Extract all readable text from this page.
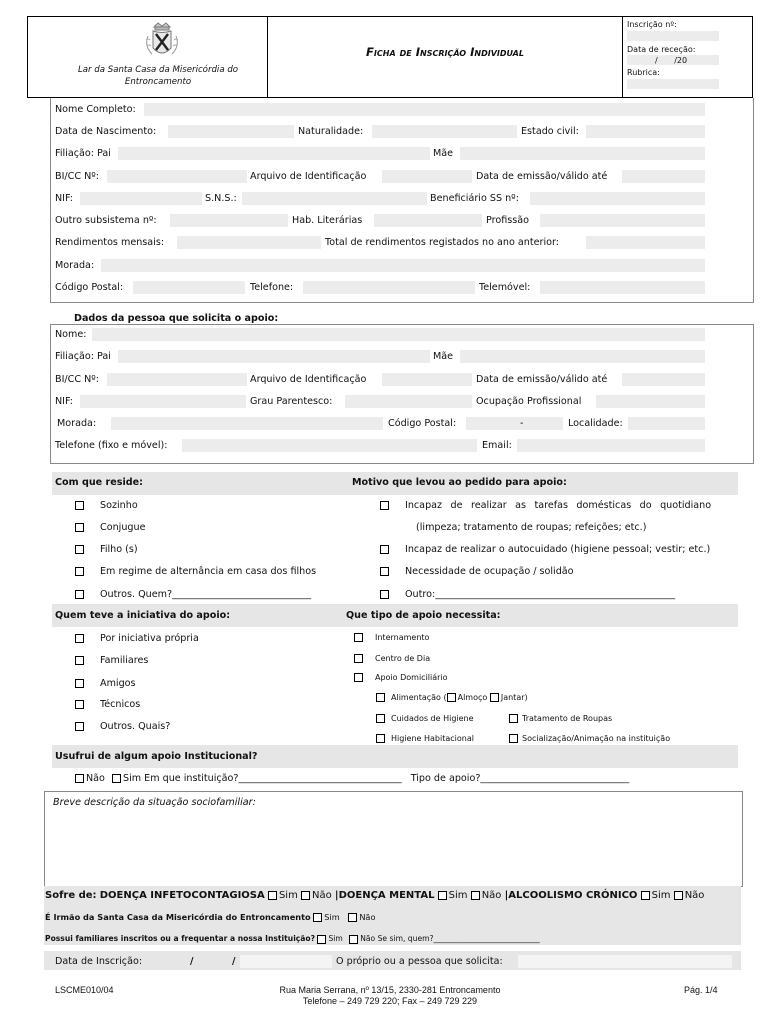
Lar da Santa Casa da Misericórdia do Entroncamento
Ficha de Inscrição Individual
Inscrição nº:
Data de receção:
/ /20
Rubrica:
Nome Completo:
Data de Nascimento:	Naturalidade:	Estado civil:
Filiação: Pai	Mãe
BI/CC Nº:	Arquivo de Identificação	Data de emissão/válido até
NIF:	S.N.S.:	Beneficiário SS nº:
Outro subsistema nº:	Hab. Literárias	Profissão
Rendimentos mensais:	Total de rendimentos registados no ano anterior:
Morada:
Código Postal:	Telefone:	Telemóvel:
Dados da pessoa que solicita o apoio:
Nome:
Filiação: Pai	Mãe
BI/CC Nº:	Arquivo de Identificação	Data de emissão/válido até
NIF:	Grau Parentesco:	Ocupação Profissional
Morada:	Código Postal:	-	Localidade:
Telefone (fixo e móvel):	Email:
Com que reside:	Motivo que levou ao pedido para apoio:
Sozinho
Conjugue
Filho (s)
Em regime de alternância em casa dos filhos
Outros. Quem?_____________________________
Incapaz de realizar as tarefas domésticas do quotidiano
(limpeza; tratamento de roupas; refeições; etc.)
Incapaz de realizar o autocuidado (higiene pessoal; vestir; etc.)
Necessidade de ocupação / solidão
Outro:__________________________________________________
Quem teve a iniciativa do apoio:	Que tipo de apoio necessita:
Por iniciativa própria
Familiares
Amigos
Técnicos
Outros. Quais?
Internamento
Centro de Dia
Apoio Domiciliário
Alimentação ( Almoço Jantar)
Cuidados de Higiene	Tratamento de Roupas
Higiene Habitacional	Socialização/Animação na instituição
Usufrui de algum apoio Institucional?
Não Sim Em que instituição?__________________________________ Tipo de apoio?_______________________________
Breve descrição da situação sociofamiliar:
Sofre de: DOENÇA INFETOCONTAGIOSA Sim Não |DOENÇA MENTAL Sim Não |ALCOOLISMO CRÓNICO Sim Não
É Irmão da Santa Casa da Misericórdia do Entroncamento Sim Não
Possui familiares inscritos ou a frequentar a nossa Instituição? Sim Não Se sim, quem?____________________________
Data de Inscrição:	/	/	O próprio ou a pessoa que solicita:
LSCME010/04	Rua Maria Serrana, nº 13/15, 2330-281 Entroncamento
Telefone – 249 729 220; Fax – 249 729 229
Pág. 1/4
